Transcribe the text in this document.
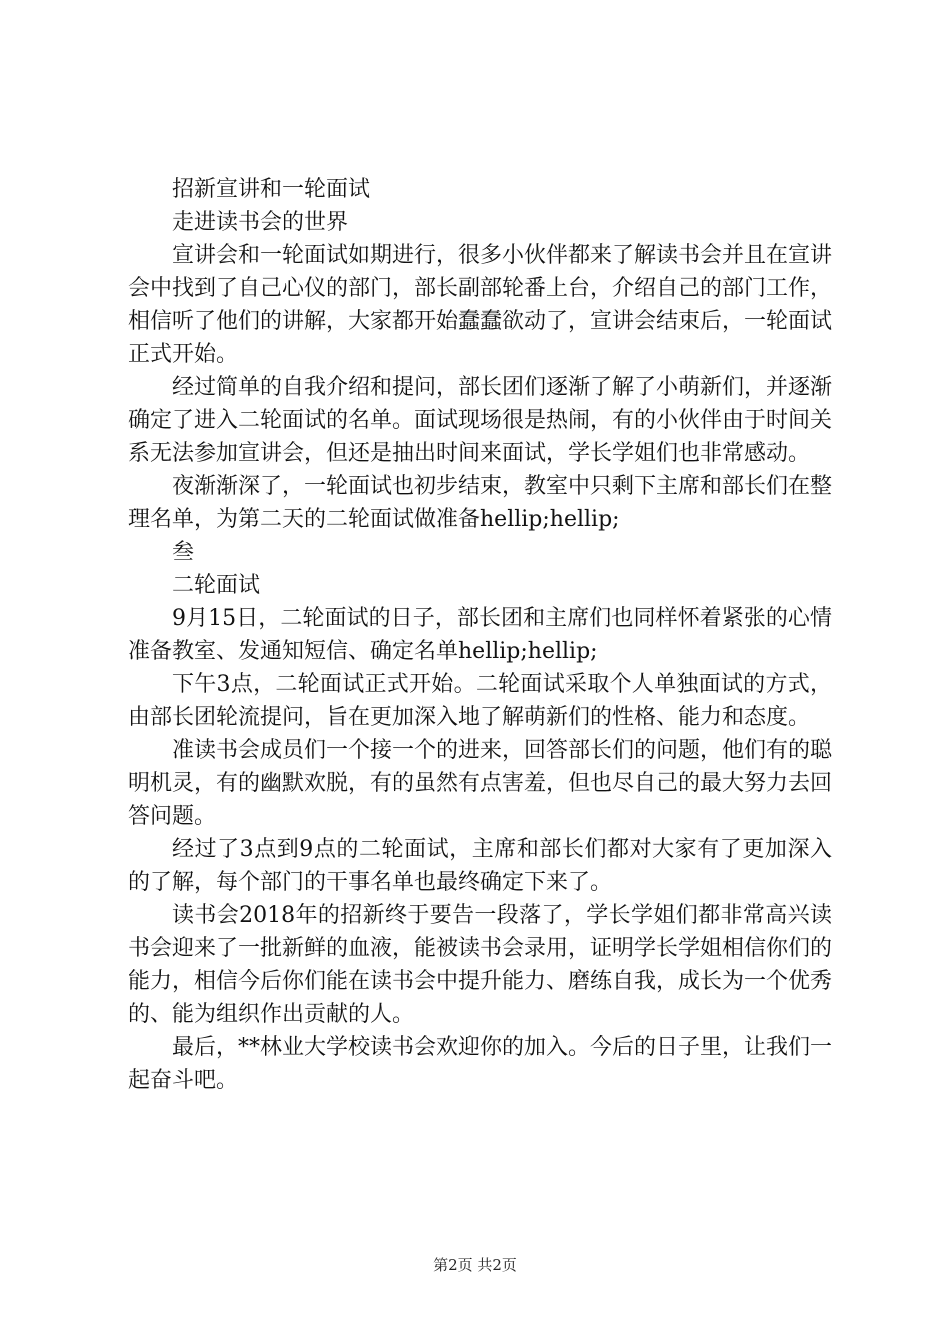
招新宣讲和一轮面试

走进读书会的世界

宣讲会和一轮面试如期进行，很多小伙伴都来了解读书会并且在宣讲会中找到了自己心仪的部门，部长副部轮番上台，介绍自己的部门工作，相信听了他们的讲解，大家都开始蠢蠢欲动了，宣讲会结束后，一轮面试正式开始。

经过简单的自我介绍和提问，部长团们逐渐了解了小萌新们，并逐渐确定了进入二轮面试的名单。面试现场很是热闹，有的小伙伴由于时间关系无法参加宣讲会，但还是抽出时间来面试，学长学姐们也非常感动。

夜渐渐深了，一轮面试也初步结束，教室中只剩下主席和部长们在整理名单，为第二天的二轮面试做准备hellip;hellip;

叁

二轮面试

9月15日，二轮面试的日子，部长团和主席们也同样怀着紧张的心情准备教室、发通知短信、确定名单hellip;hellip;

下午3点，二轮面试正式开始。二轮面试采取个人单独面试的方式，由部长团轮流提问，旨在更加深入地了解萌新们的性格、能力和态度。

准读书会成员们一个接一个的进来，回答部长们的问题，他们有的聪明机灵，有的幽默欢脱，有的虽然有点害羞，但也尽自己的最大努力去回答问题。

经过了3点到9点的二轮面试，主席和部长们都对大家有了更加深入的了解，每个部门的干事名单也最终确定下来了。

读书会2018年的招新终于要告一段落了，学长学姐们都非常高兴读书会迎来了一批新鲜的血液，能被读书会录用，证明学长学姐相信你们的能力，相信今后你们能在读书会中提升能力、磨练自我，成长为一个优秀的、能为组织作出贡献的人。

最后，**林业大学校读书会欢迎你的加入。今后的日子里，让我们一起奋斗吧。

第2页 共2页
